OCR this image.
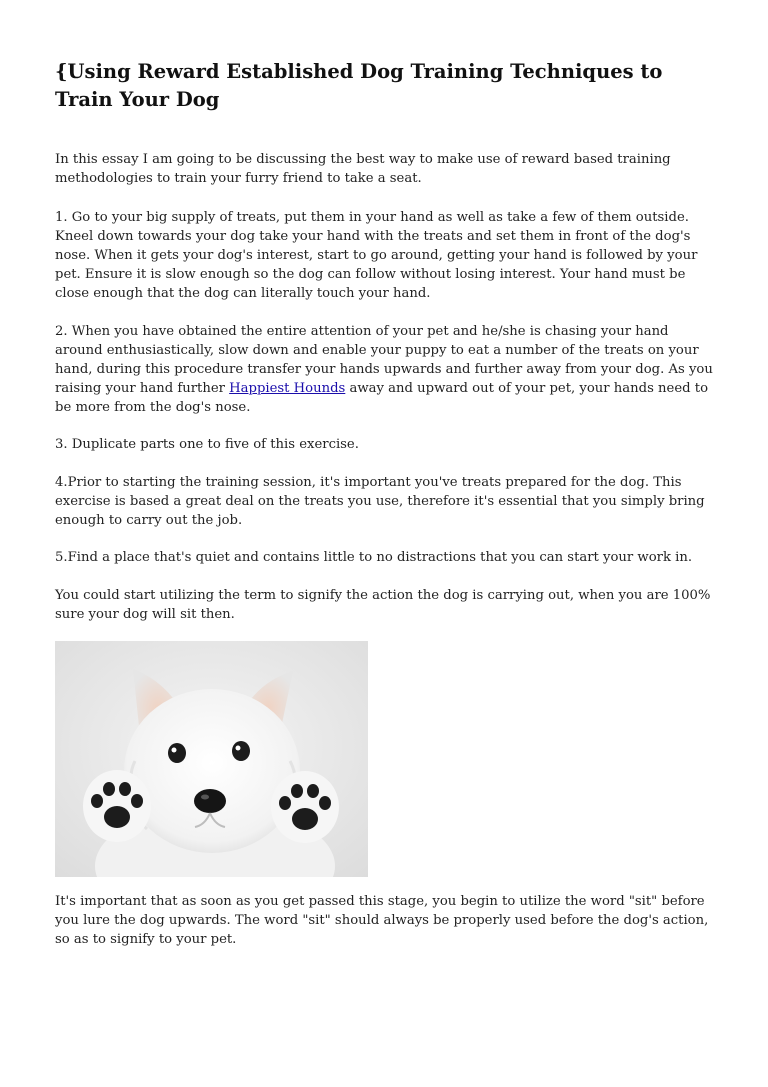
{Using Reward Established Dog Training Techniques to Train Your Dog

In this essay I am going to be discussing the best way to make use of reward based training methodologies to train your furry friend to take a seat.

1. Go to your big supply of treats, put them in your hand as well as take a few of them outside. Kneel down towards your dog take your hand with the treats and set them in front of the dog's nose. When it gets your dog's interest, start to go around, getting your hand is followed by your pet. Ensure it is slow enough so the dog can follow without losing interest. Your hand must be close enough that the dog can literally touch your hand.

2. When you have obtained the entire attention of your pet and he/she is chasing your hand around enthusiastically, slow down and enable your puppy to eat a number of the treats on your hand, during this procedure transfer your hands upwards and further away from your dog. As you raising your hand further Happiest Hounds away and upward out of your pet, your hands need to be more from the dog's nose.

3. Duplicate parts one to five of this exercise.

4.Prior to starting the training session, it's important you've treats prepared for the dog. This exercise is based a great deal on the treats you use, therefore it's essential that you simply bring enough to carry out the job.

5.Find a place that's quiet and contains little to no distractions that you can start your work in.

You could start utilizing the term to signify the action the dog is carrying out, when you are 100% sure your dog will sit then.

It's important that as soon as you get passed this stage, you begin to utilize the word "sit" before you lure the dog upwards. The word "sit" should always be properly used before the dog's action, so as to signify to your pet.
